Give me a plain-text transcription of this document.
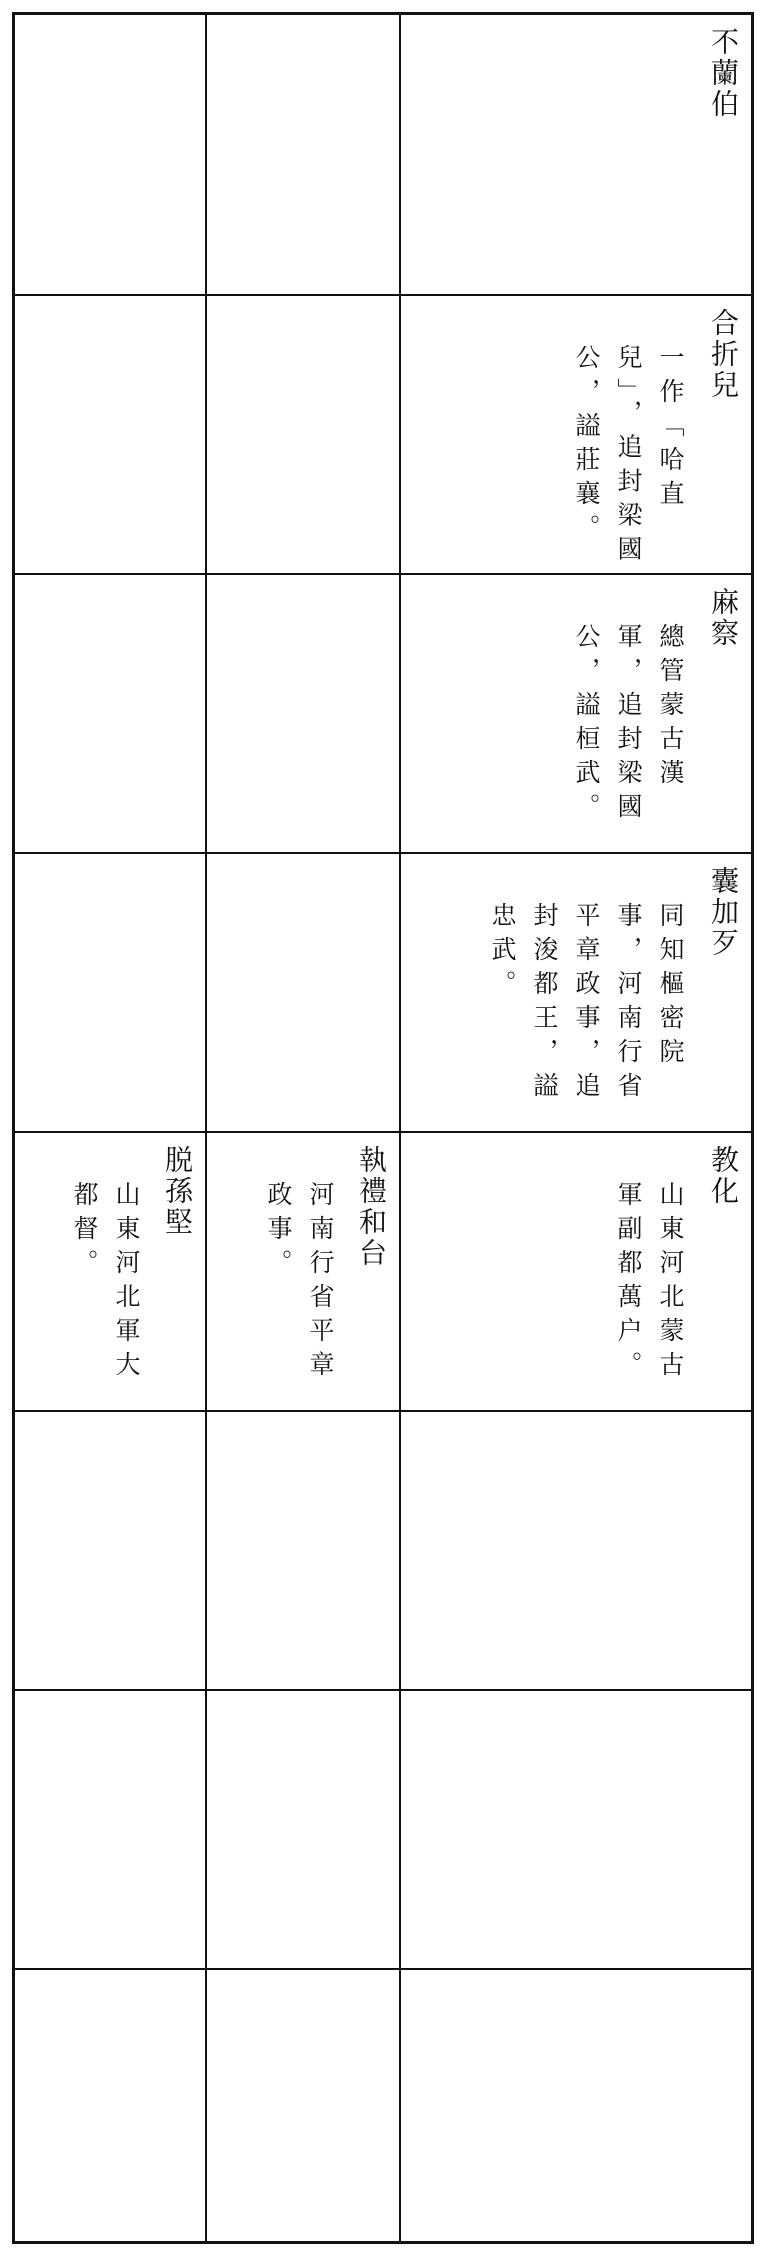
不蘭伯
合折兒
一作「哈直兒」，追封梁國公，謚莊襄。
麻察
總管蒙古漢軍，追封梁國公，謚桓武。
囊加歹
同知樞密院事，河南行省平章政事，追封浚都王，謚忠武。
脱孫堅
山東河北軍大都督。	執禮和台
河南行省平章政事。
教化
山東河北蒙古軍副都萬户。
